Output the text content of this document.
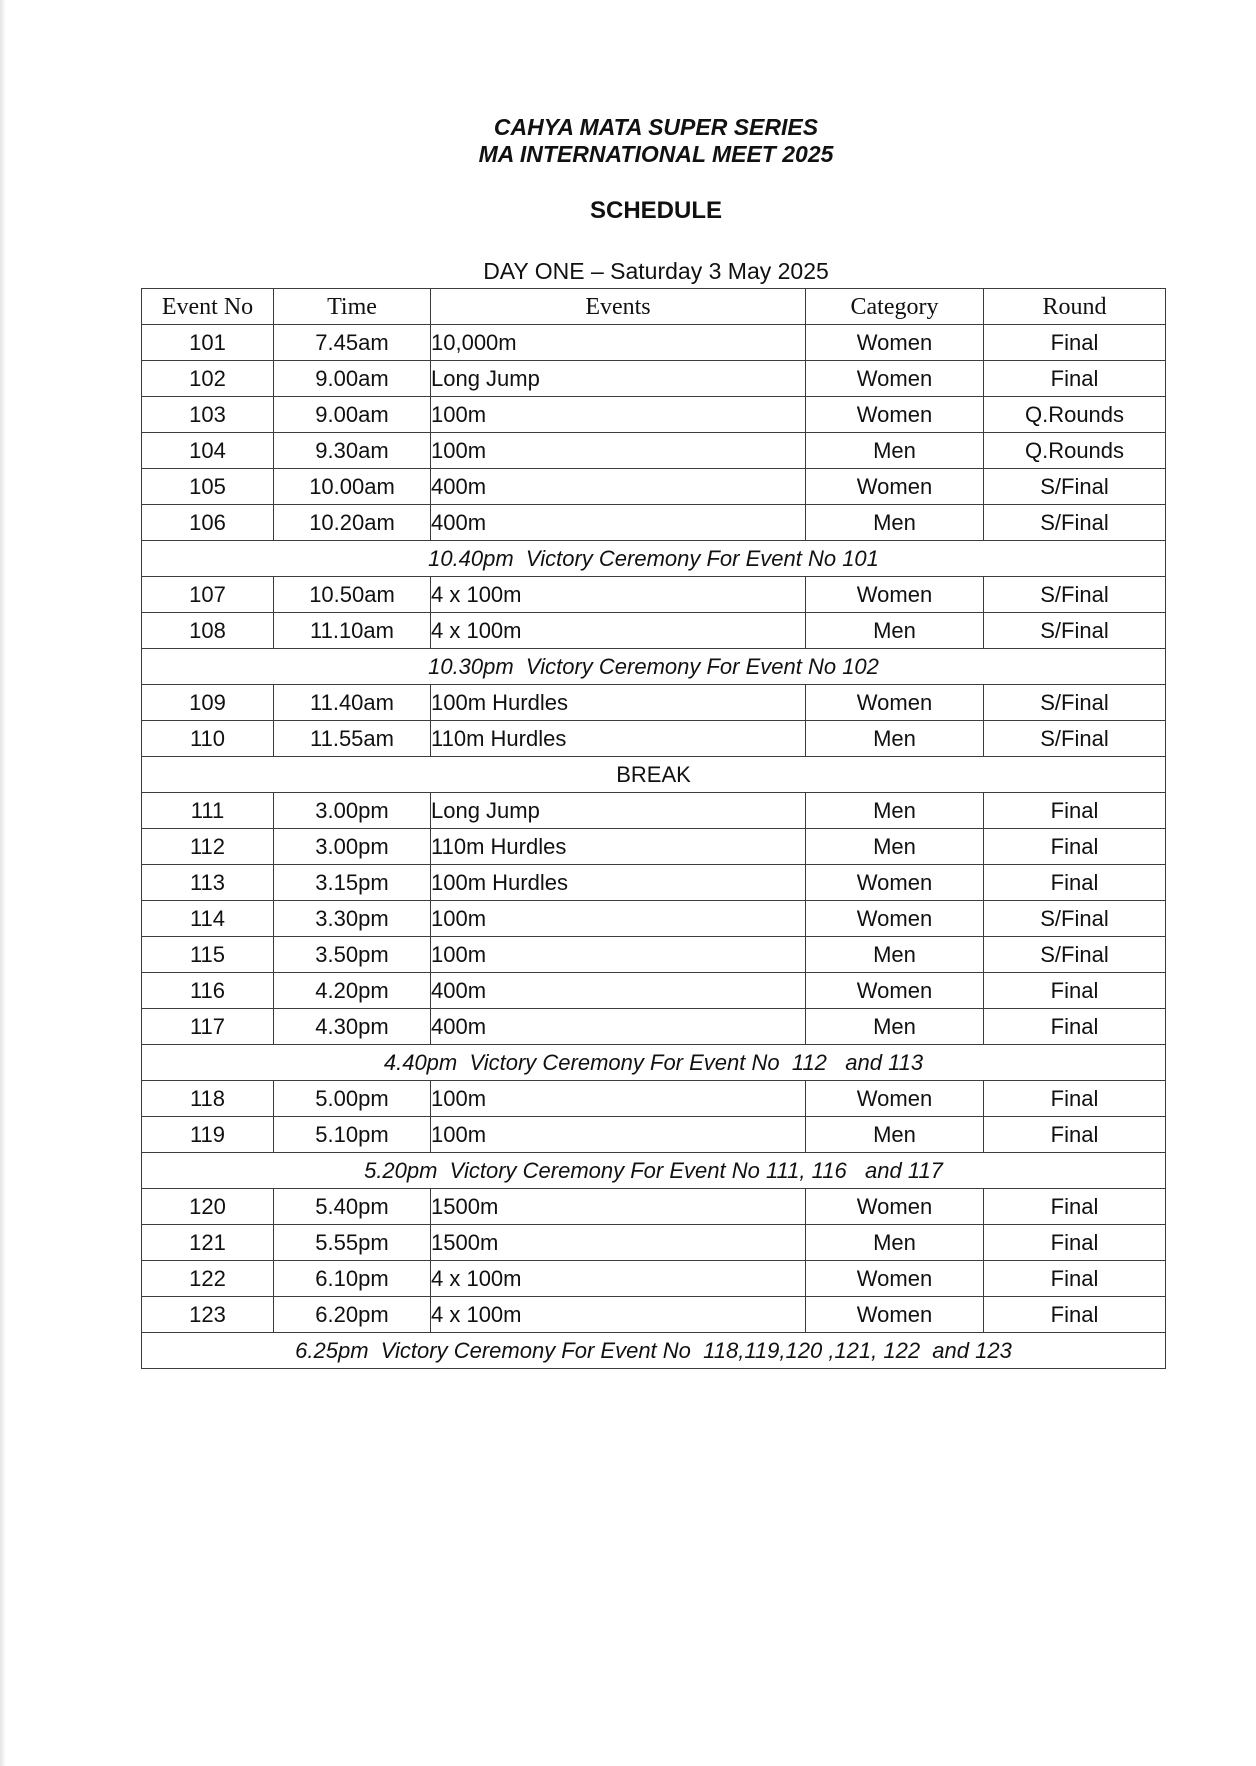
CAHYA MATA SUPER SERIES
MA INTERNATIONAL MEET 2025
SCHEDULE
DAY ONE – Saturday 3 May 2025
Event No	Time	Events	Category	Round
101	7.45am	10,000m	Women	Final
102	9.00am	Long Jump	Women	Final
103	9.00am	100m	Women	Q.Rounds
104	9.30am	100m	Men	Q.Rounds
105	10.00am	400m	Women	S/Final
106	10.20am	400m	Men	S/Final
10.40pm  Victory Ceremony For Event No 101				
107	10.50am	4 x 100m	Women	S/Final
108	11.10am	4 x 100m	Men	S/Final
10.30pm  Victory Ceremony For Event No 102				
109	11.40am	100m Hurdles	Women	S/Final
110	11.55am	110m Hurdles	Men	S/Final
BREAK				
111	3.00pm	Long Jump	Men	Final
112	3.00pm	110m Hurdles	Men	Final
113	3.15pm	100m Hurdles	Women	Final
114	3.30pm	100m	Women	S/Final
115	3.50pm	100m	Men	S/Final
116	4.20pm	400m	Women	Final
117	4.30pm	400m	Men	Final
4.40pm  Victory Ceremony For Event No  112   and 113				
118	5.00pm	100m	Women	Final
119	5.10pm	100m	Men	Final
5.20pm  Victory Ceremony For Event No 111, 116   and 117				
120	5.40pm	1500m	Women	Final
121	5.55pm	1500m	Men	Final
122	6.10pm	4 x 100m	Women	Final
123	6.20pm	4 x 100m	Women	Final
6.25pm  Victory Ceremony For Event No  118,119,120 ,121, 122  and 123				
